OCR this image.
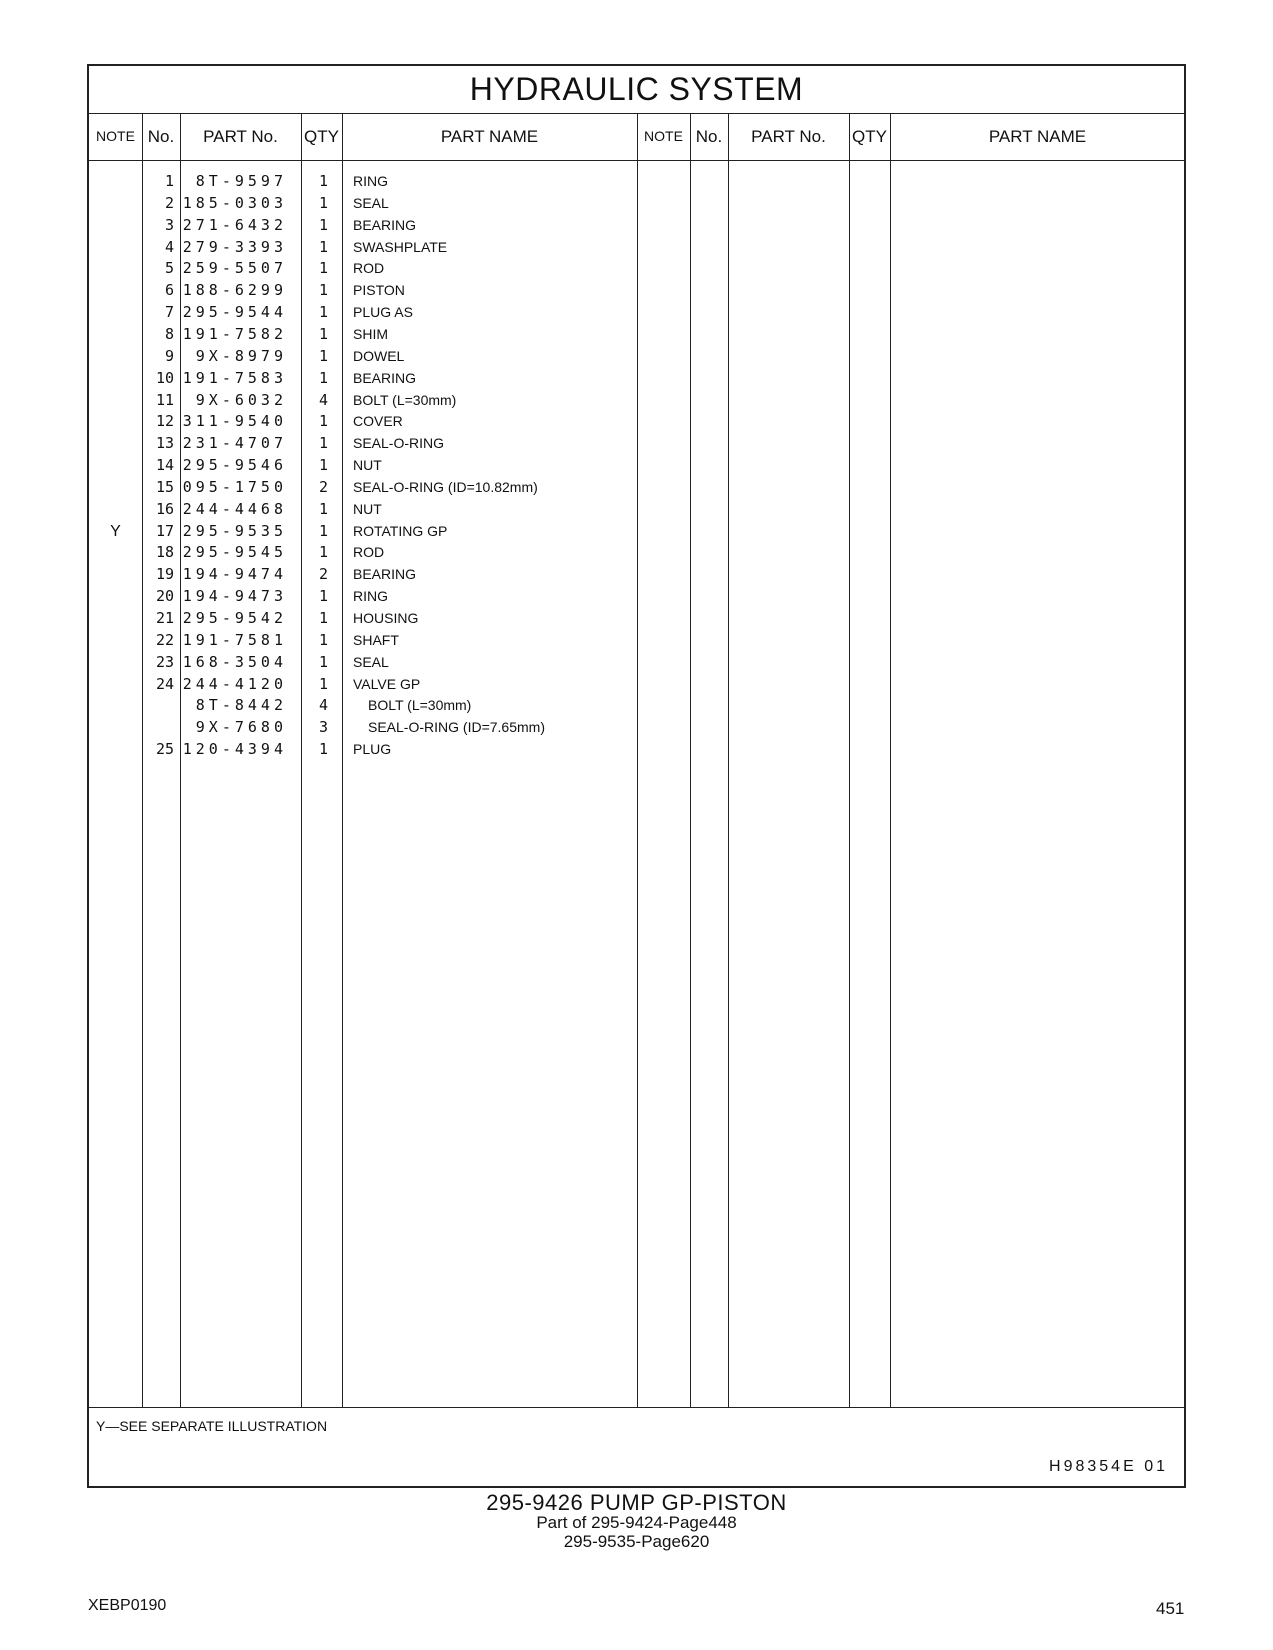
HYDRAULIC SYSTEM
NOTE No.	PART No.	QTY	PART NAME	NOTE No.	PART No.	QTY	PART NAME
1	8T-9597	1 RING
2 185-0303	1 SEAL
3 271-6432	1 BEARING
4 279-3393	1 SWASHPLATE
5 259-5507	1 ROD
6 188-6299	1 PISTON
7 295-9544	1 PLUG AS
8 191-7582	1 SHIM
9	9X-8979	1 DOWEL
10 191-7583	1 BEARING
11	9X-6032	4 BOLT (L=30mm)
12 311-9540	1 COVER
13 231-4707	1 SEAL-O-RING
14 295-9546	1 NUT
15 095-1750	2 SEAL-O-RING (ID=10.82mm)
16 244-4468	1 NUT
Y	17 295-9535	1 ROTATING GP
18 295-9545	1 ROD
19 194-9474	2 BEARING
20 194-9473	1 RING
21 295-9542	1 HOUSING
22 191-7581	1 SHAFT
23 168-3504	1 SEAL
24 244-4120	1 VALVE GP
8T-8442	4	BOLT (L=30mm)
9X-7680	3	SEAL-O-RING (ID=7.65mm)
25 120-4394	1 PLUG
Y—SEE SEPARATE ILLUSTRATION
H98354E 01
295-9426 PUMP GP-PISTON
Part of 295-9424-Page448
295-9535-Page620
XEBP0190	451
